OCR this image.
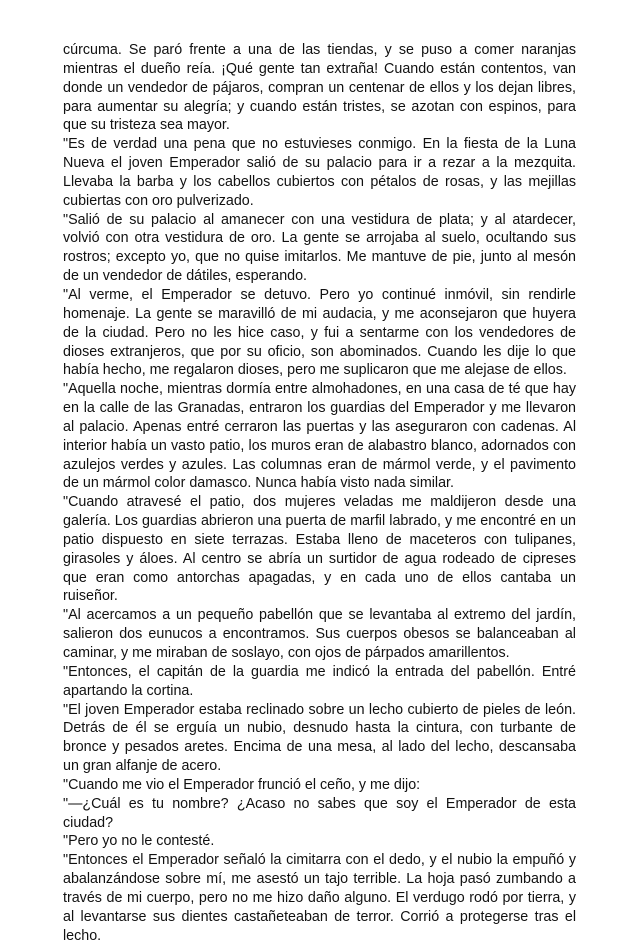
cúrcuma. Se paró frente a una de las tiendas, y se puso a comer naranjas mientras el dueño reía. ¡Qué gente tan extraña! Cuando están contentos, van donde un vendedor de pájaros, compran un centenar de ellos y los dejan libres, para aumentar su alegría; y cuando están tristes, se azotan con espinos, para que su tristeza sea mayor.

"Es de verdad una pena que no estuvieses conmigo. En la fiesta de la Luna Nueva el joven Emperador salió de su palacio para ir a rezar a la mezquita. Llevaba la barba y los cabellos cubiertos con pétalos de rosas, y las mejillas cubiertas con oro pulverizado.

"Salió de su palacio al amanecer con una vestidura de plata; y al atardecer, volvió con otra vestidura de oro. La gente se arrojaba al suelo, ocultando sus rostros; excepto yo, que no quise imitarlos. Me mantuve de pie, junto al mesón de un vendedor de dátiles, esperando.

"Al verme, el Emperador se detuvo. Pero yo continué inmóvil, sin rendirle homenaje. La gente se maravilló de mi audacia, y me aconsejaron que huyera de la ciudad. Pero no les hice caso, y fui a sentarme con los vendedores de dioses extranjeros, que por su oficio, son abominados. Cuando les dije lo que había hecho, me regalaron dioses, pero me suplicaron que me alejase de ellos.

"Aquella noche, mientras dormía entre almohadones, en una casa de té que hay en la calle de las Granadas, entraron los guardias del Emperador y me llevaron al palacio. Apenas entré cerraron las puertas y las aseguraron con cadenas. Al interior había un vasto patio, los muros eran de alabastro blanco, adornados con azulejos verdes y azules. Las columnas eran de mármol verde, y el pavimento de un mármol color damasco. Nunca había visto nada similar.

"Cuando atravesé el patio, dos mujeres veladas me maldijeron desde una galería. Los guardias abrieron una puerta de marfil labrado, y me encontré en un patio dispuesto en siete terrazas. Estaba lleno de maceteros con tulipanes, girasoles y áloes. Al centro se abría un surtidor de agua rodeado de cipreses que eran como antorchas apagadas, y en cada uno de ellos cantaba un ruiseñor.

"Al acercamos a un pequeño pabellón que se levantaba al extremo del jardín, salieron dos eunucos a encontramos. Sus cuerpos obesos se balanceaban al caminar, y me miraban de soslayo, con ojos de párpados amarillentos.

"Entonces, el capitán de la guardia me indicó la entrada del pabellón. Entré apartando la cortina.

"El joven Emperador estaba reclinado sobre un lecho cubierto de pieles de león. Detrás de él se erguía un nubio, desnudo hasta la cintura, con turbante de bronce y pesados aretes. Encima de una mesa, al lado del lecho, descansaba un gran alfanje de acero.

"Cuando me vio el Emperador frunció el ceño, y me dijo:

"—¿Cuál es tu nombre? ¿Acaso no sabes que soy el Emperador de esta ciudad?

"Pero yo no le contesté.

"Entonces el Emperador señaló la cimitarra con el dedo, y el nubio la empuñó y abalanzándose sobre mí, me asestó un tajo terrible. La hoja pasó zumbando a través de mi cuerpo, pero no me hizo daño alguno. El verdugo rodó por tierra, y al levantarse sus dientes castañeteaban de terror. Corrió a protegerse tras el lecho.
